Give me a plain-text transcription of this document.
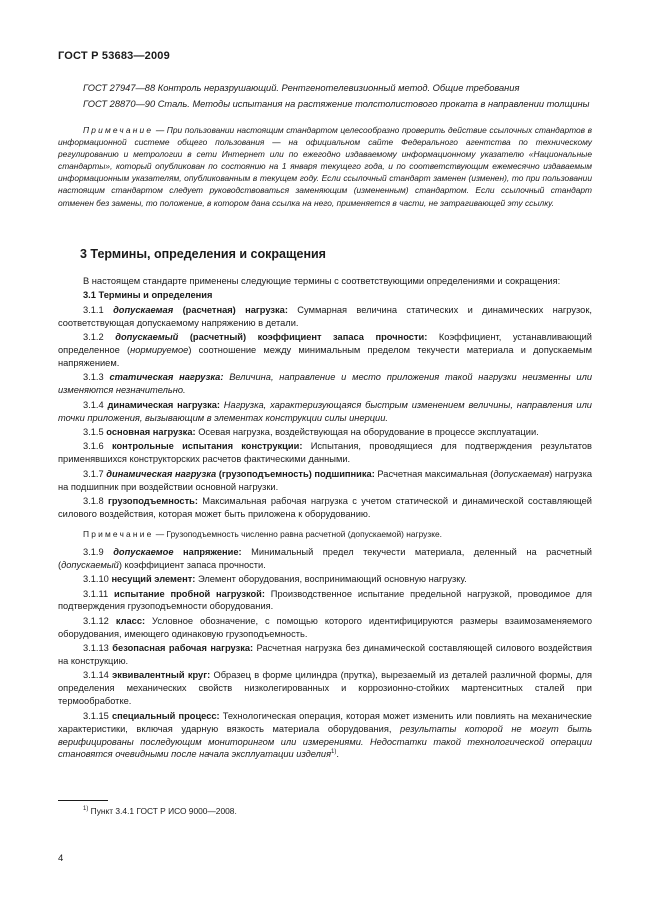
ГОСТ Р 53683—2009

ГОСТ 27947—88 Контроль неразрушающий. Рентгенотелевизионный метод. Общие требования

ГОСТ 28870—90 Сталь. Методы испытания на растяжение толстолистового проката в направлении толщины

Примечание — При пользовании настоящим стандартом целесообразно проверить действие ссылочных стандартов в информационной системе общего пользования — на официальном сайте Федерального агентства по техническому регулированию и метрологии в сети Интернет или по ежегодно издаваемому информационному указателю «Национальные стандарты», который опубликован по состоянию на 1 января текущего года, и по соответствующим ежемесячно издаваемым информационным указателям, опубликованным в текущем году. Если ссылочный стандарт заменен (изменен), то при пользовании настоящим стандартом следует руководствоваться заменяющим (измененным) стандартом. Если ссылочный стандарт отменен без замены, то положение, в котором дана ссылка на него, применяется в части, не затрагивающей эту ссылку.

3 Термины, определения и сокращения

В настоящем стандарте применены следующие термины с соответствующими определениями и сокращения:

3.1 Термины и определения

3.1.1 допускаемая (расчетная) нагрузка: Суммарная величина статических и динамических нагрузок, соответствующая допускаемому напряжению в детали.

3.1.2 допускаемый (расчетный) коэффициент запаса прочности: Коэффициент, устанавливающий определенное (нормируемое) соотношение между минимальным пределом текучести материала и допускаемым напряжением.

3.1.3 статическая нагрузка: Величина, направление и место приложения такой нагрузки неизменны или изменяются незначительно.

3.1.4 динамическая нагрузка: Нагрузка, характеризующаяся быстрым изменением величины, направления или точки приложения, вызывающим в элементах конструкции силы инерции.

3.1.5 основная нагрузка: Осевая нагрузка, воздействующая на оборудование в процессе эксплуатации.

3.1.6 контрольные испытания конструкции: Испытания, проводящиеся для подтверждения результатов применявшихся конструкторских расчетов фактическими данными.

3.1.7 динамическая нагрузка (грузоподъемность) подшипника: Расчетная максимальная (допускаемая) нагрузка на подшипник при воздействии основной нагрузки.

3.1.8 грузоподъемность: Максимальная рабочая нагрузка с учетом статической и динамической составляющей силового воздействия, которая может быть приложена к оборудованию.

Примечание — Грузоподъемность численно равна расчетной (допускаемой) нагрузке.

3.1.9 допускаемое напряжение: Минимальный предел текучести материала, деленный на расчетный (допускаемый) коэффициент запаса прочности.

3.1.10 несущий элемент: Элемент оборудования, воспринимающий основную нагрузку.

3.1.11 испытание пробной нагрузкой: Производственное испытание предельной нагрузкой, проводимое для подтверждения грузоподъемности оборудования.

3.1.12 класс: Условное обозначение, с помощью которого идентифицируются размеры взаимозаменяемого оборудования, имеющего одинаковую грузоподъемность.

3.1.13 безопасная рабочая нагрузка: Расчетная нагрузка без динамической составляющей силового воздействия на конструкцию.

3.1.14 эквивалентный круг: Образец в форме цилиндра (прутка), вырезаемый из деталей различной формы, для определения механических свойств низколегированных и коррозионно-стойких мартенситных сталей при термообработке.

3.1.15 специальный процесс: Технологическая операция, которая может изменить или повлиять на механические характеристики, включая ударную вязкость материала оборудования, результаты которой не могут быть верифицированы последующим мониторингом или измерениями. Недостатки такой технологической операции становятся очевидными после начала эксплуатации изделия$^{1)}$.

$^{1)}$ Пункт 3.4.1 ГОСТ Р ИСО 9000—2008.
4
